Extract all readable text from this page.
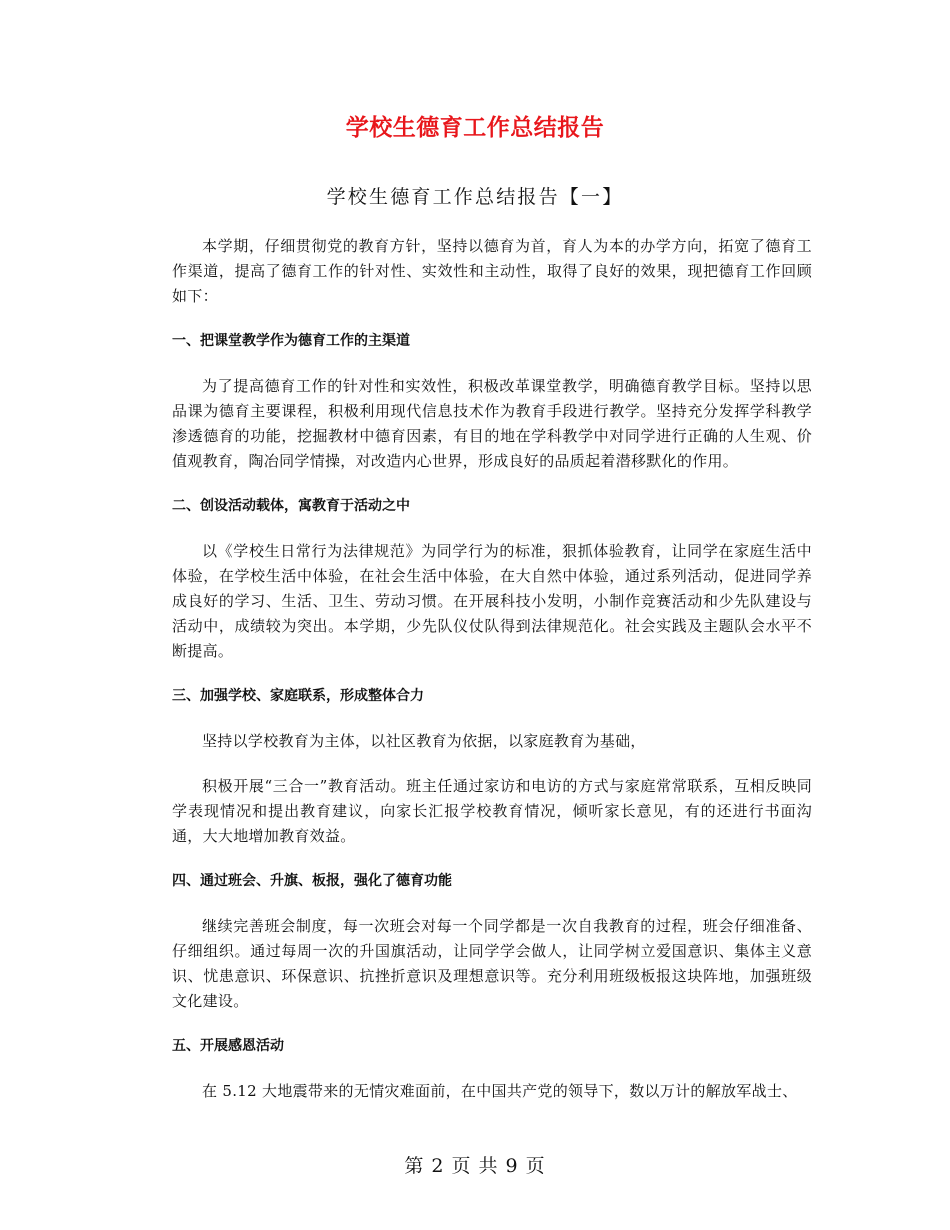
学校生德育工作总结报告
学校生德育工作总结报告【一】

本学期，仔细贯彻党的教育方针，坚持以德育为首，育人为本的办学方向，拓宽了德育工作渠道，提高了德育工作的针对性、实效性和主动性，取得了良好的效果，现把德育工作回顾如下：

一、把课堂教学作为德育工作的主渠道

为了提高德育工作的针对性和实效性，积极改革课堂教学，明确德育教学目标。坚持以思品课为德育主要课程，积极利用现代信息技术作为教育手段进行教学。坚持充分发挥学科教学渗透德育的功能，挖掘教材中德育因素，有目的地在学科教学中对同学进行正确的人生观、价值观教育，陶冶同学情操，对改造内心世界，形成良好的品质起着潜移默化的作用。

二、创设活动载体，寓教育于活动之中

以《学校生日常行为法律规范》为同学行为的标准，狠抓体验教育，让同学在家庭生活中体验，在学校生活中体验，在社会生活中体验，在大自然中体验，通过系列活动，促进同学养成良好的学习、生活、卫生、劳动习惯。在开展科技小发明，小制作竞赛活动和少先队建设与活动中，成绩较为突出。本学期，少先队仪仗队得到法律规范化。社会实践及主题队会水平不断提高。

三、加强学校、家庭联系，形成整体合力

坚持以学校教育为主体，以社区教育为依据，以家庭教育为基础，

积极开展“三合一”教育活动。班主任通过家访和电访的方式与家庭常常联系，互相反映同学表现情况和提出教育建议，向家长汇报学校教育情况，倾听家长意见，有的还进行书面沟通，大大地增加教育效益。

四、通过班会、升旗、板报，强化了德育功能

继续完善班会制度，每一次班会对每一个同学都是一次自我教育的过程，班会仔细准备、仔细组织。通过每周一次的升国旗活动，让同学学会做人，让同学树立爱国意识、集体主义意识、忧患意识、环保意识、抗挫折意识及理想意识等。充分利用班级板报这块阵地，加强班级文化建设。

五、开展感恩活动

在 5.12 大地震带来的无情灾难面前，在中国共产党的领导下，数以万计的解放军战士、

第 2 页 共 9 页
